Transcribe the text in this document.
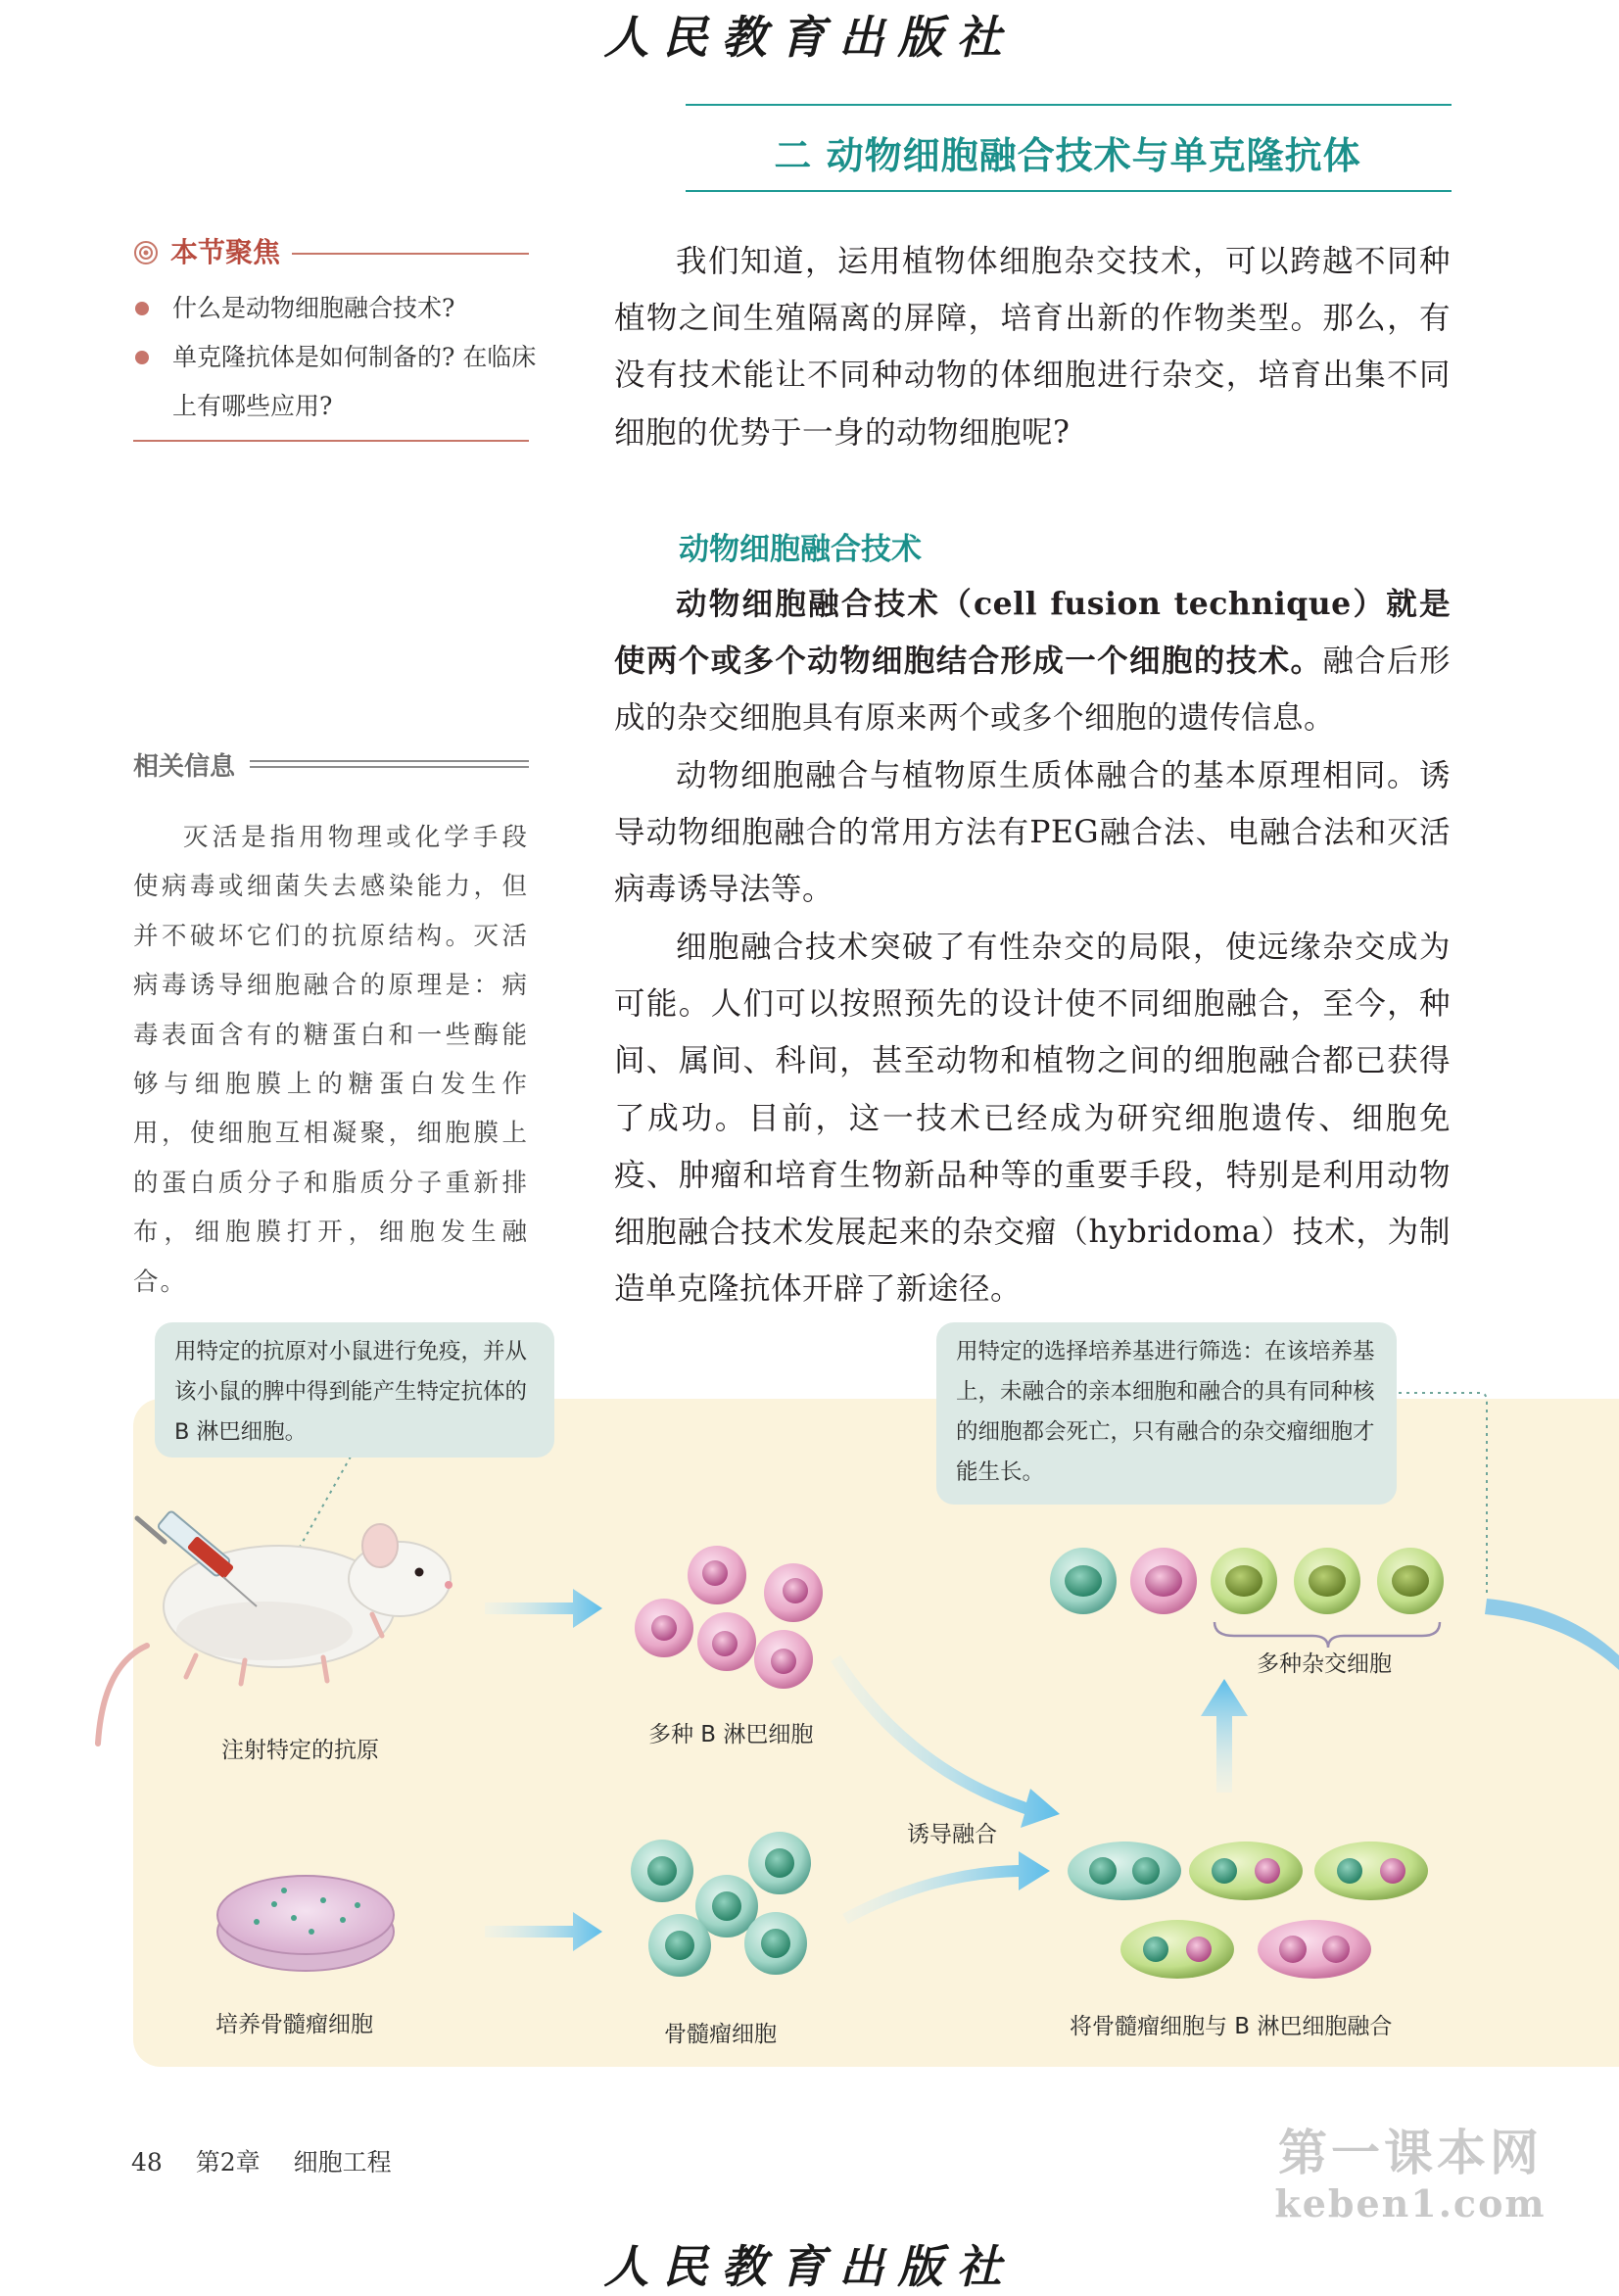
人民教育出版社
二 动物细胞融合技术与单克隆抗体
本节聚焦
什么是动物细胞融合技术?
单克隆抗体是如何制备的? 在临床上有哪些应用?
相关信息
灭活是指用物理或化学手段使病毒或细菌失去感染能力，但并不破坏它们的抗原结构。灭活病毒诱导细胞融合的原理是：病毒表面含有的糖蛋白和一些酶能够与细胞膜上的糖蛋白发生作用，使细胞互相凝聚，细胞膜上的蛋白质分子和脂质分子重新排布，细胞膜打开，细胞发生融合。
我们知道，运用植物体细胞杂交技术，可以跨越不同种植物之间生殖隔离的屏障，培育出新的作物类型。那么，有没有技术能让不同种动物的体细胞进行杂交，培育出集不同细胞的优势于一身的动物细胞呢?
动物细胞融合技术
动物细胞融合技术（cell fusion technique）就是使两个或多个动物细胞结合形成一个细胞的技术。融合后形成的杂交细胞具有原来两个或多个细胞的遗传信息。
动物细胞融合与植物原生质体融合的基本原理相同。诱导动物细胞融合的常用方法有PEG融合法、电融合法和灭活病毒诱导法等。
细胞融合技术突破了有性杂交的局限，使远缘杂交成为可能。人们可以按照预先的设计使不同细胞融合，至今，种间、属间、科间，甚至动物和植物之间的细胞融合都已获得了成功。目前，这一技术已经成为研究细胞遗传、细胞免疫、肿瘤和培育生物新品种等的重要手段，特别是利用动物细胞融合技术发展起来的杂交瘤（hybridoma）技术，为制造单克隆抗体开辟了新途径。
用特定的抗原对小鼠进行免疫，并从该小鼠的脾中得到能产生特定抗体的 B 淋巴细胞。
用特定的选择培养基进行筛选：在该培养基上，未融合的亲本细胞和融合的具有同种核的细胞都会死亡，只有融合的杂交瘤细胞才能生长。
注射特定的抗原
多种 B 淋巴细胞
多种杂交细胞
诱导融合
培养骨髓瘤细胞	骨髓瘤细胞	将骨髓瘤细胞与 B 淋巴细胞融合
48 第2章 细胞工程	第一课本网
keben1.com
人民教育出版社
